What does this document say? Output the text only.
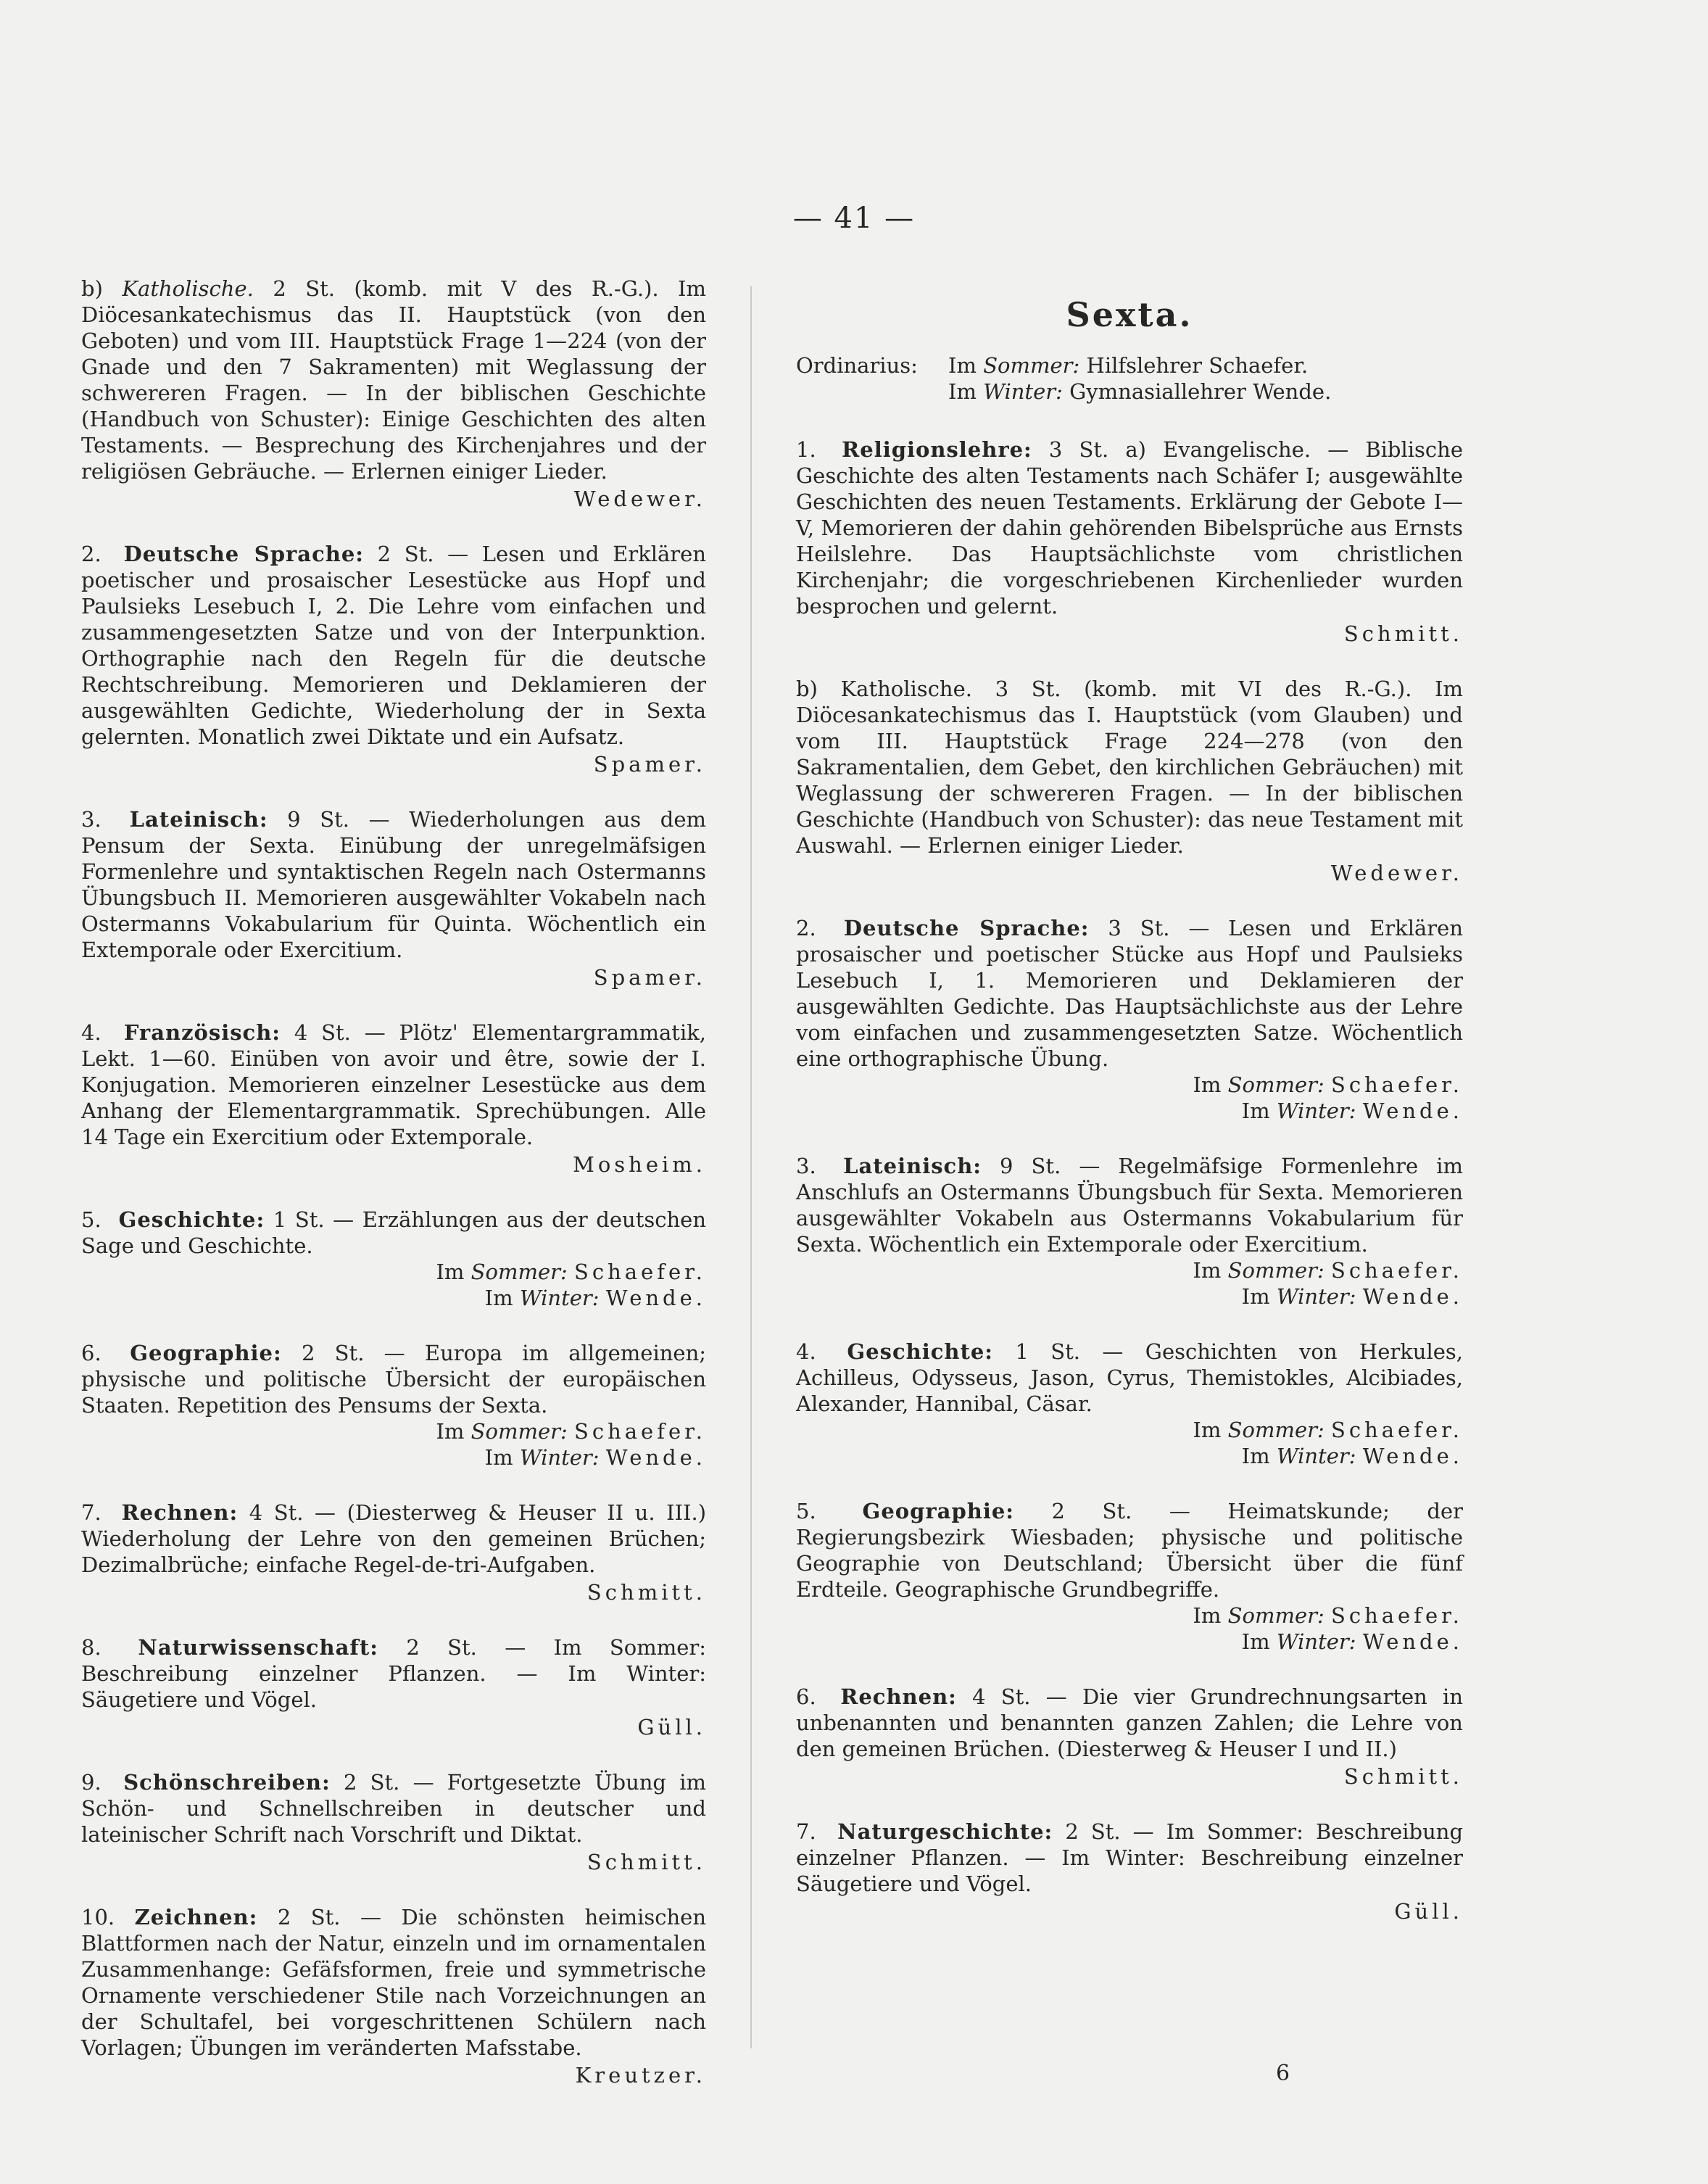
— 41 —

b) Katholische. 2 St. (komb. mit V des R.-G.). Im Diöcesankatechismus das II. Hauptstück (von den Geboten) und vom III. Hauptstück Frage 1—224 (von der Gnade und den 7 Sakramenten) mit Weglassung der schwereren Fragen. — In der biblischen Geschichte (Handbuch von Schuster): Einige Geschichten des alten Testaments. — Besprechung des Kirchenjahres und der religiösen Gebräuche. — Erlernen einiger Lieder.

Wedewer.

2. Deutsche Sprache: 2 St. — Lesen und Erklären poetischer und prosaischer Lesestücke aus Hopf und Paulsieks Lesebuch I, 2. Die Lehre vom einfachen und zusammengesetzten Satze und von der Interpunktion. Orthographie nach den Regeln für die deutsche Rechtschreibung. Memorieren und Deklamieren der ausgewählten Gedichte, Wiederholung der in Sexta gelernten. Monatlich zwei Diktate und ein Aufsatz.

Spamer.

3. Lateinisch: 9 St. — Wiederholungen aus dem Pensum der Sexta. Einübung der unregelmäfsigen Formenlehre und syntaktischen Regeln nach Ostermanns Übungsbuch II. Memorieren ausgewählter Vokabeln nach Ostermanns Vokabularium für Quinta. Wöchentlich ein Extemporale oder Exercitium.

Spamer.

4. Französisch: 4 St. — Plötz' Elementargrammatik, Lekt. 1—60. Einüben von avoir und être, sowie der I. Konjugation. Memorieren einzelner Lesestücke aus dem Anhang der Elementargrammatik. Sprechübungen. Alle 14 Tage ein Exercitium oder Extemporale.

Mosheim.

5. Geschichte: 1 St. — Erzählungen aus der deutschen Sage und Geschichte.

Im Sommer: Schaefer.
Im Winter: Wende.

6. Geographie: 2 St. — Europa im allgemeinen; physische und politische Übersicht der europäischen Staaten. Repetition des Pensums der Sexta.

Im Sommer: Schaefer.
Im Winter: Wende.

7. Rechnen: 4 St. — (Diesterweg & Heuser II u. III.) Wiederholung der Lehre von den gemeinen Brüchen; Dezimalbrüche; einfache Regel-de-tri-Aufgaben.

Schmitt.

8. Naturwissenschaft: 2 St. — Im Sommer: Beschreibung einzelner Pflanzen. — Im Winter: Säugetiere und Vögel.

Güll.

9. Schönschreiben: 2 St. — Fortgesetzte Übung im Schön- und Schnellschreiben in deutscher und lateinischer Schrift nach Vorschrift und Diktat.

Schmitt.

10. Zeichnen: 2 St. — Die schönsten heimischen Blattformen nach der Natur, einzeln und im ornamentalen Zusammenhange: Gefäfsformen, freie und symmetrische Ornamente verschiedener Stile nach Vorzeichnungen an der Schultafel, bei vorgeschrittenen Schülern nach Vorlagen; Übungen im veränderten Mafsstabe.

Kreutzer.
Sexta.
Ordinarius:	Im Sommer: Hilfslehrer Schaefer.
Im Winter: Gymnasiallehrer Wende.

1. Religionslehre: 3 St. a) Evangelische. — Biblische Geschichte des alten Testaments nach Schäfer I; ausgewählte Geschichten des neuen Testaments. Erklärung der Gebote I—V, Memorieren der dahin gehörenden Bibelsprüche aus Ernsts Heilslehre. Das Hauptsächlichste vom christlichen Kirchenjahr; die vorgeschriebenen Kirchenlieder wurden besprochen und gelernt.

Schmitt.

b) Katholische. 3 St. (komb. mit VI des R.-G.). Im Diöcesankatechismus das I. Hauptstück (vom Glauben) und vom III. Hauptstück Frage 224—278 (von den Sakramentalien, dem Gebet, den kirchlichen Gebräuchen) mit Weglassung der schwereren Fragen. — In der biblischen Geschichte (Handbuch von Schuster): das neue Testament mit Auswahl. — Erlernen einiger Lieder.

Wedewer.

2. Deutsche Sprache: 3 St. — Lesen und Erklären prosaischer und poetischer Stücke aus Hopf und Paulsieks Lesebuch I, 1. Memorieren und Deklamieren der ausgewählten Gedichte. Das Hauptsächlichste aus der Lehre vom einfachen und zusammengesetzten Satze. Wöchentlich eine orthographische Übung.

Im Sommer: Schaefer.
Im Winter: Wende.

3. Lateinisch: 9 St. — Regelmäfsige Formenlehre im Anschlufs an Ostermanns Übungsbuch für Sexta. Memorieren ausgewählter Vokabeln aus Ostermanns Vokabularium für Sexta. Wöchentlich ein Extemporale oder Exercitium.

Im Sommer: Schaefer.
Im Winter: Wende.

4. Geschichte: 1 St. — Geschichten von Herkules, Achilleus, Odysseus, Jason, Cyrus, Themistokles, Alcibiades, Alexander, Hannibal, Cäsar.

Im Sommer: Schaefer.
Im Winter: Wende.

5. Geographie: 2 St. — Heimatskunde; der Regierungsbezirk Wiesbaden; physische und politische Geographie von Deutschland; Übersicht über die fünf Erdteile. Geographische Grundbegriffe.

Im Sommer: Schaefer.
Im Winter: Wende.

6. Rechnen: 4 St. — Die vier Grundrechnungsarten in unbenannten und benannten ganzen Zahlen; die Lehre von den gemeinen Brüchen. (Diesterweg & Heuser I und II.)

Schmitt.

7. Naturgeschichte: 2 St. — Im Sommer: Beschreibung einzelner Pflanzen. — Im Winter: Beschreibung einzelner Säugetiere und Vögel.

Güll.
6
